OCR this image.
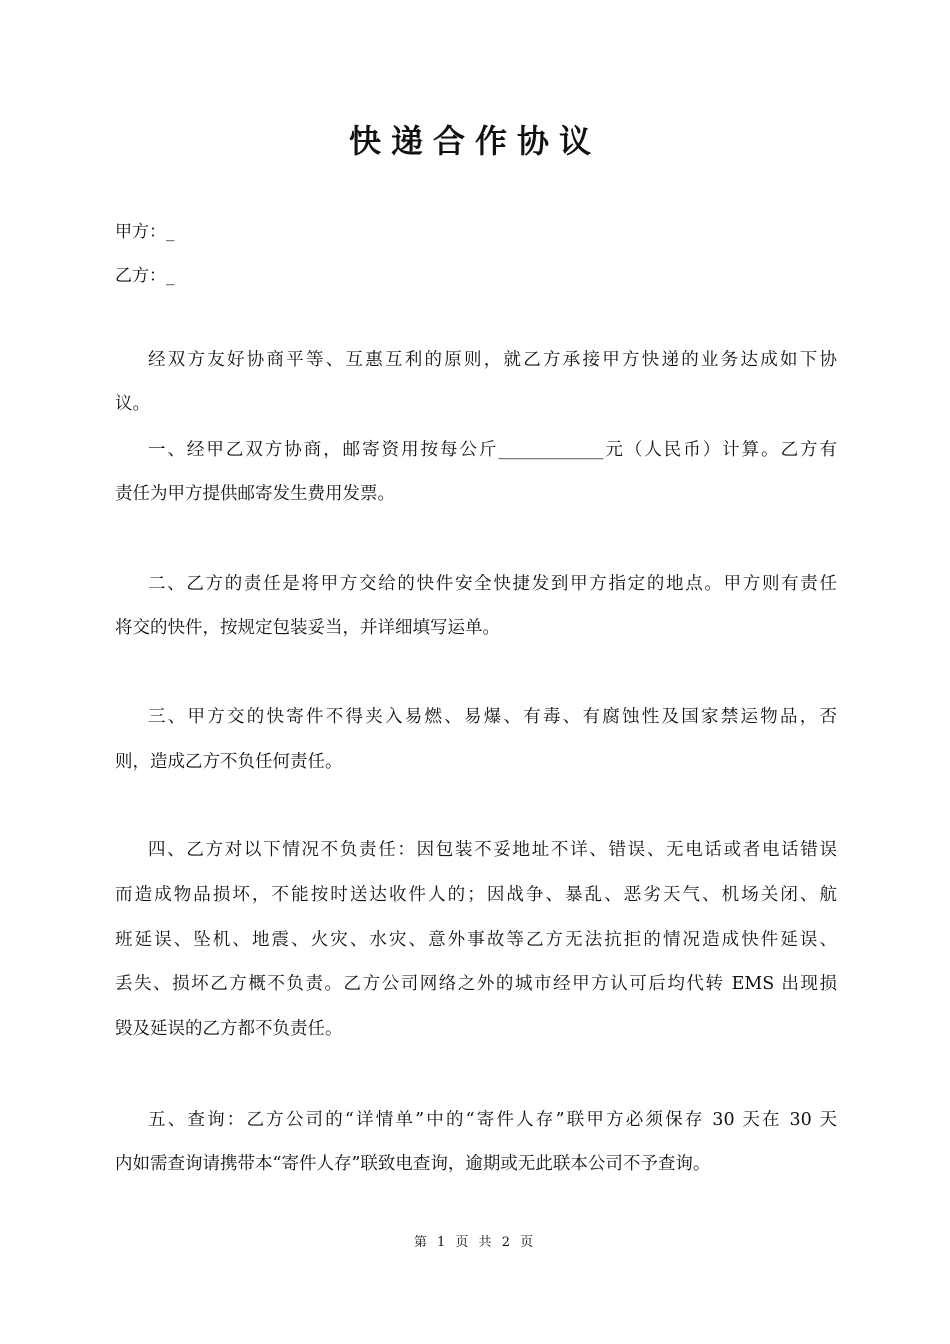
快递合作协议
甲方：_
乙方：_
经双方友好协商平等、互惠互利的原则，就乙方承接甲方快递的业务达成如下协
议。
一、经甲乙双方协商，邮寄资用按每公斤____________元（人民币）计算。乙方有
责任为甲方提供邮寄发生费用发票。
二、乙方的责任是将甲方交给的快件安全快捷发到甲方指定的地点。甲方则有责任
将交的快件，按规定包装妥当，并详细填写运单。
三、甲方交的快寄件不得夹入易燃、易爆、有毒、有腐蚀性及国家禁运物品，否
则，造成乙方不负任何责任。
四、乙方对以下情况不负责任：因包装不妥地址不详、错误、无电话或者电话错误
而造成物品损坏，不能按时送达收件人的；因战争、暴乱、恶劣天气、机场关闭、航
班延误、坠机、地震、火灾、水灾、意外事故等乙方无法抗拒的情况造成快件延误、
丢失、损坏乙方概不负责。乙方公司网络之外的城市经甲方认可后均代转 EMS 出现损
毁及延误的乙方都不负责任。
五、查询：乙方公司的“详情单”中的“寄件人存”联甲方必须保存 30 天在 30 天
内如需查询请携带本“寄件人存”联致电查询，逾期或无此联本公司不予查询。
第 1 页 共 2 页
